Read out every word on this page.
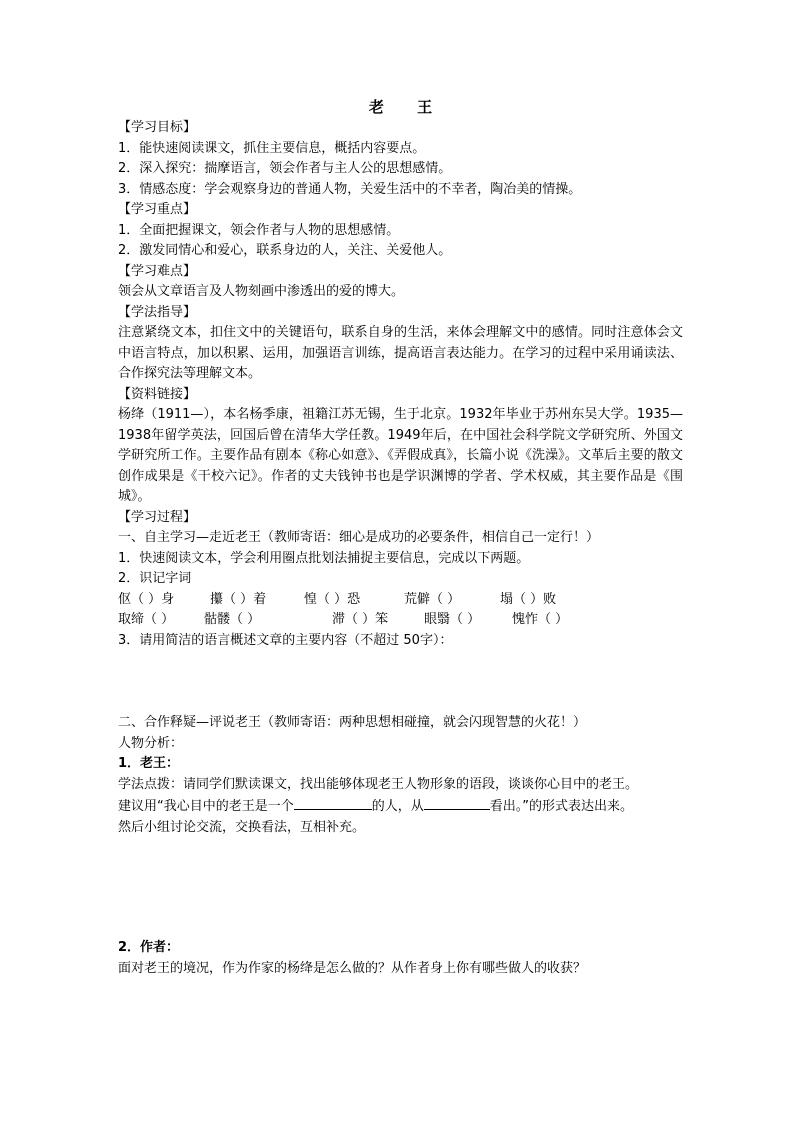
老 王
【学习目标】
1．能快速阅读课文，抓住主要信息，概括内容要点。
2．深入探究：揣摩语言，领会作者与主人公的思想感情。
3．情感态度：学会观察身边的普通人物，关爱生活中的不幸者，陶冶美的情操。
【学习重点】
1．全面把握课文，领会作者与人物的思想感情。
2．激发同情心和爱心，联系身边的人，关注、关爱他人。
【学习难点】
领会从文章语言及人物刻画中渗透出的爱的博大。
【学法指导】
注意紧绕文本，扣住文中的关键语句，联系自身的生活，来体会理解文中的感情。同时注意体会文中语言特点，加以积累、运用，加强语言训练，提高语言表达能力。在学习的过程中采用诵读法、合作探究法等理解文本。
【资料链接】
杨绛（1911—），本名杨季康，祖籍江苏无锡，生于北京。1932年毕业于苏州东吴大学。1935—1938年留学英法，回国后曾在清华大学任教。1949年后，在中国社会科学院文学研究所、外国文学研究所工作。主要作品有剧本《称心如意》、《弄假成真》，长篇小说《洗澡》。文革后主要的散文创作成果是《干校六记》。作者的丈夫钱钟书也是学识渊博的学者、学术权威，其主要作品是《围城》。
【学习过程】
一、自主学习—走近老王（教师寄语：细心是成功的必要条件，相信自己一定行！）
1．快速阅读文本，学会利用圈点批划法捕捉主要信息，完成以下两题。
2．识记字词
伛（ ）身	攥（ ）着	惶（ ）恐	荒僻（ ）	塌（ ）败
取缔（ ） 骷髅（ ）	滞（ ）笨	眼翳（ ） 愧怍（ ）
3．请用简洁的语言概述文章的主要内容（不超过 50字）：
二、合作释疑—评说老王（教师寄语：两种思想相碰撞，就会闪现智慧的火花！）
人物分析：
1．老王：
学法点拨：请同学们默读课文，找出能够体现老王人物形象的语段，谈谈你心目中的老王。
建议用“我心目中的老王是一个	的人，从	看出。”的形式表达出来。
然后小组讨论交流，交换看法，互相补充。
2．作者：
面对老王的境况，作为作家的杨绛是怎么做的？从作者身上你有哪些做人的收获？
